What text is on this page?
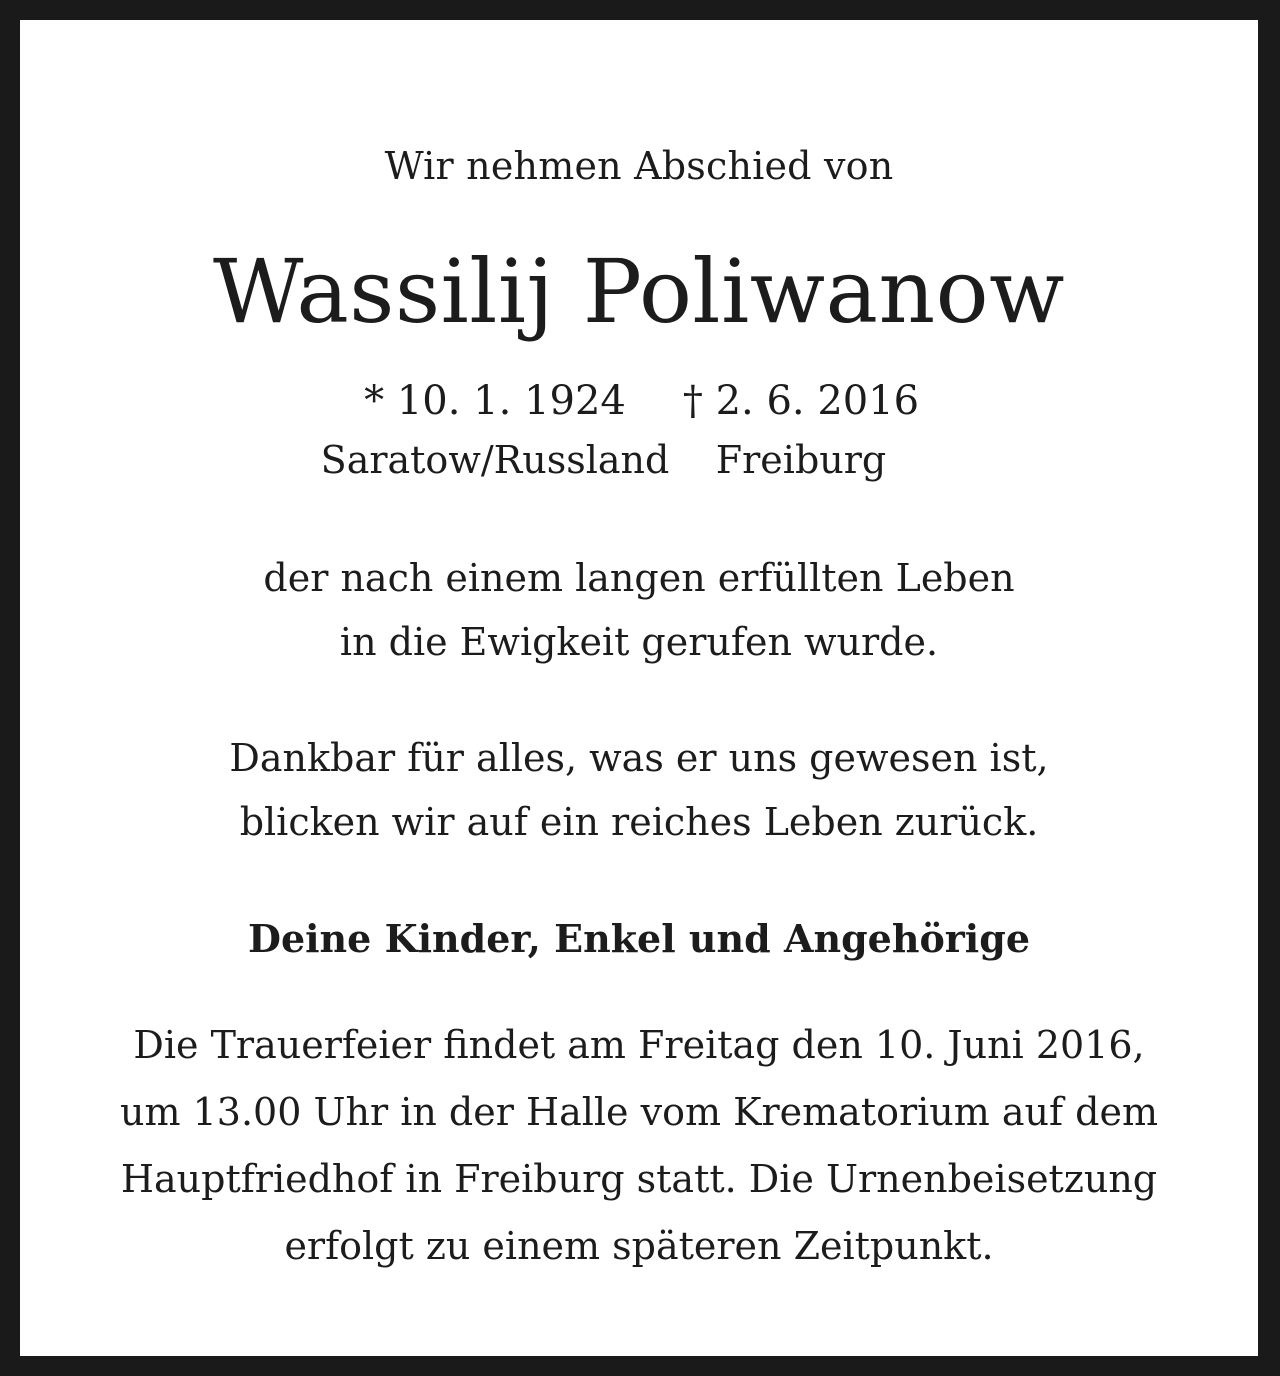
Wir nehmen Abschied von
Wassilij Poliwanow
* 10. 1. 1924
Saratow/Russland
† 2. 6. 2016
Freiburg
der nach einem langen erfüllten Leben
in die Ewigkeit gerufen wurde.
Dankbar für alles, was er uns gewesen ist,
blicken wir auf ein reiches Leben zurück.
Deine Kinder, Enkel und Angehörige
Die Trauerfeier findet am Freitag den 10. Juni 2016,
um 13.00 Uhr in der Halle vom Krematorium auf dem
Hauptfriedhof in Freiburg statt. Die Urnenbeisetzung
erfolgt zu einem späteren Zeitpunkt.
